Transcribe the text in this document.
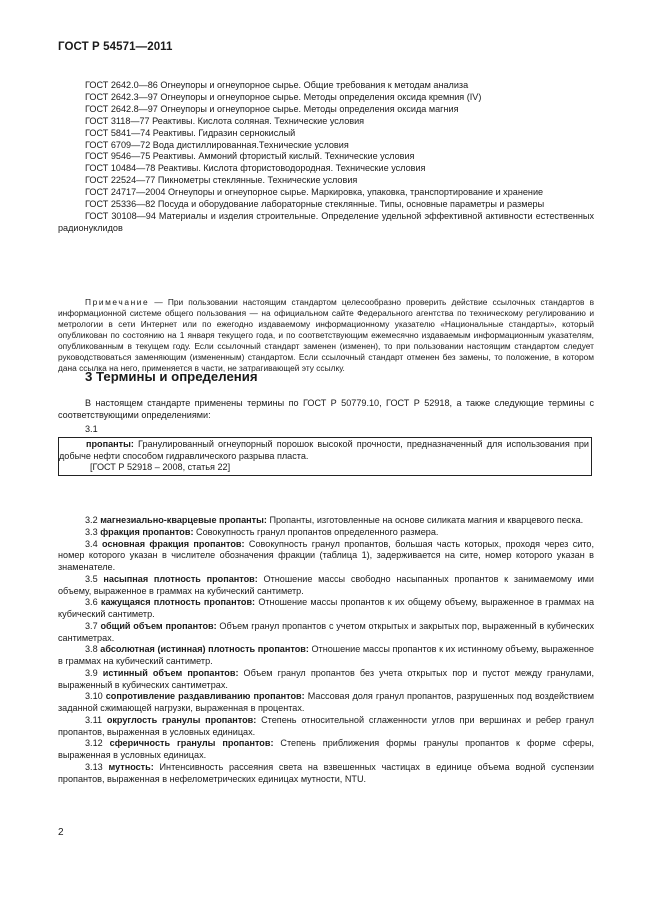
ГОСТ Р 54571—2011
ГОСТ 2642.0—86 Огнеупоры и огнеупорное сырье. Общие требования к методам анализа
ГОСТ 2642.3—97 Огнеупоры и огнеупорное сырье. Методы определения оксида кремния (IV)
ГОСТ 2642.8—97 Огнеупоры и огнеупорное сырье. Методы определения оксида магния
ГОСТ 3118—77 Реактивы. Кислота соляная. Технические условия
ГОСТ 5841—74 Реактивы. Гидразин сернокислый
ГОСТ 6709—72 Вода дистиллированная.Технические условия
ГОСТ 9546—75 Реактивы. Аммоний фтористый кислый. Технические условия
ГОСТ 10484—78 Реактивы. Кислота фтористоводородная. Технические условия
ГОСТ 22524—77 Пикнометры стеклянные. Технические условия
ГОСТ 24717—2004 Огнеупоры и огнеупорное сырье. Маркировка, упаковка, транспортирование и хранение
ГОСТ 25336—82 Посуда и оборудование лабораторные стеклянные. Типы, основные параметры и размеры
ГОСТ 30108—94 Материалы и изделия строительные. Определение удельной эффективной активности естественных радионуклидов
Примечание — При пользовании настоящим стандартом целесообразно проверить действие ссылочных стандартов в информационной системе общего пользования — на официальном сайте Федерального агентства по техническому регулированию и метрологии в сети Интернет или по ежегодно издаваемому информационному указателю «Национальные стандарты», который опубликован по состоянию на 1 января текущего года, и по соответствующим ежемесячно издаваемым информационным указателям, опубликованным в текущем году. Если ссылочный стандарт заменен (изменен), то при пользовании настоящим стандартом следует руководствоваться заменяющим (измененным) стандартом. Если ссылочный стандарт отменен без замены, то положение, в котором дана ссылка на него, применяется в части, не затрагивающей эту ссылку.
3 Термины и определения
В настоящем стандарте применены термины по ГОСТ Р 50779.10, ГОСТ Р 52918, а также следующие термины с соответствующими определениями:
3.1
пропанты: Гранулированный огнеупорный порошок высокой прочности, предназначенный для использования при добыче нефти способом гидравлического разрыва пласта.
[ГОСТ Р 52918 – 2008, статья 22]
3.2 магнезиально-кварцевые пропанты: Пропанты, изготовленные на основе силиката магния и кварцевого песка.
3.3 фракция пропантов: Совокупность гранул пропантов определенного размера.
3.4 основная фракция пропантов: Совокупность гранул пропантов, большая часть которых, проходя через сито, номер которого указан в числителе обозначения фракции (таблица 1), задерживается на сите, номер которого указан в знаменателе.
3.5 насыпная плотность пропантов: Отношение массы свободно насыпанных пропантов к занимаемому ими объему, выраженное в граммах на кубический сантиметр.
3.6 кажущаяся плотность пропантов: Отношение массы пропантов к их общему объему, выраженное в граммах на кубический сантиметр.
3.7 общий объем пропантов: Объем гранул пропантов с учетом открытых и закрытых пор, выраженный в кубических сантиметрах.
3.8 абсолютная (истинная) плотность пропантов: Отношение массы пропантов к их истинному объему, выраженное в граммах на кубический сантиметр.
3.9 истинный объем пропантов: Объем гранул пропантов без учета открытых пор и пустот между гранулами, выраженный в кубических сантиметрах.
3.10 сопротивление раздавливанию пропантов: Массовая доля гранул пропантов, разрушенных под воздействием заданной сжимающей нагрузки, выраженная в процентах.
3.11 округлость гранулы пропантов: Степень относительной сглаженности углов при вершинах и ребер гранул пропантов, выраженная в условных единицах.
3.12 сферичность гранулы пропантов: Степень приближения формы гранулы пропантов к форме сферы, выраженная в условных единицах.
3.13 мутность: Интенсивность рассеяния света на взвешенных частицах в единице объема водной суспензии пропантов, выраженная в нефелометрических единицах мутности, NTU.
2
